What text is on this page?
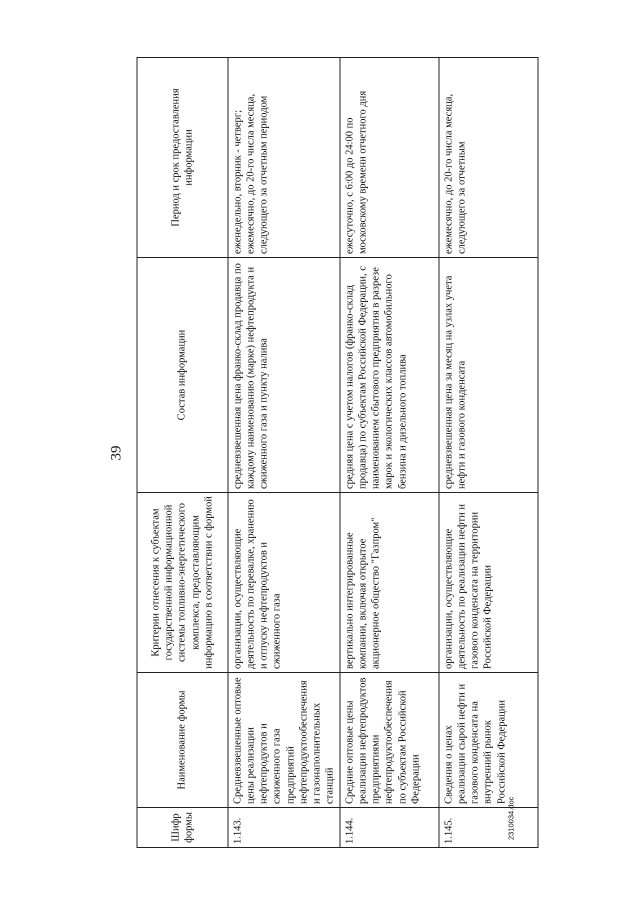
39
Шифр формы	Наименование формы	Критерии отнесения к субъектам государственной информационной системы топливно-энергетического комплекса, предоставляющим информацию в соответствии с формой	Состав информации	Период и срок предоставления информации
1.143.	Средневзвешенные оптовые цены реализации нефтепродуктов и сжиженного газа предприятий нефтепродуктообеспечения и газонаполнительных станций	организации, осуществляющие деятельность по перевалке, хранению и отпуску нефтепродуктов и сжиженного газа	средневзвешенная цена франко-склад продавца по каждому наименованию (марке) нефтепродукта и сжиженного газа и пункту налива	еженедельно, вторник - четверг; ежемесячно, до 20-го числа месяца, следующего за отчетным периодом
1.144.	Средние оптовые цены реализации нефтепродуктов предприятиями нефтепродуктообеспечения по субъектам Российской Федерации	вертикально интегрированные компании, включая открытое акционерное общество "Газпром"	средняя цена с учетом налогов (франко-склад продавца) по субъектам Российской Федерации, с наименованием сбытового предприятия в разрезе марок и экологических классов автомобильного бензина и дизельного топлива	ежесуточно, с 6:00 до 24:00 по московскому времени отчетного дня
1.145.	Сведения о ценах реализации сырой нефти и газового конденсата на внутренний рынок Российской Федерации	организации, осуществляющие деятельность по реализации нефти и газового конденсата на территории Российской Федерации	средневзвешенная цена за месяц на узлах учета нефти и газового конденсата	ежемесячно, до 20-го числа месяца, следующего за отчетным
2310034.doc
